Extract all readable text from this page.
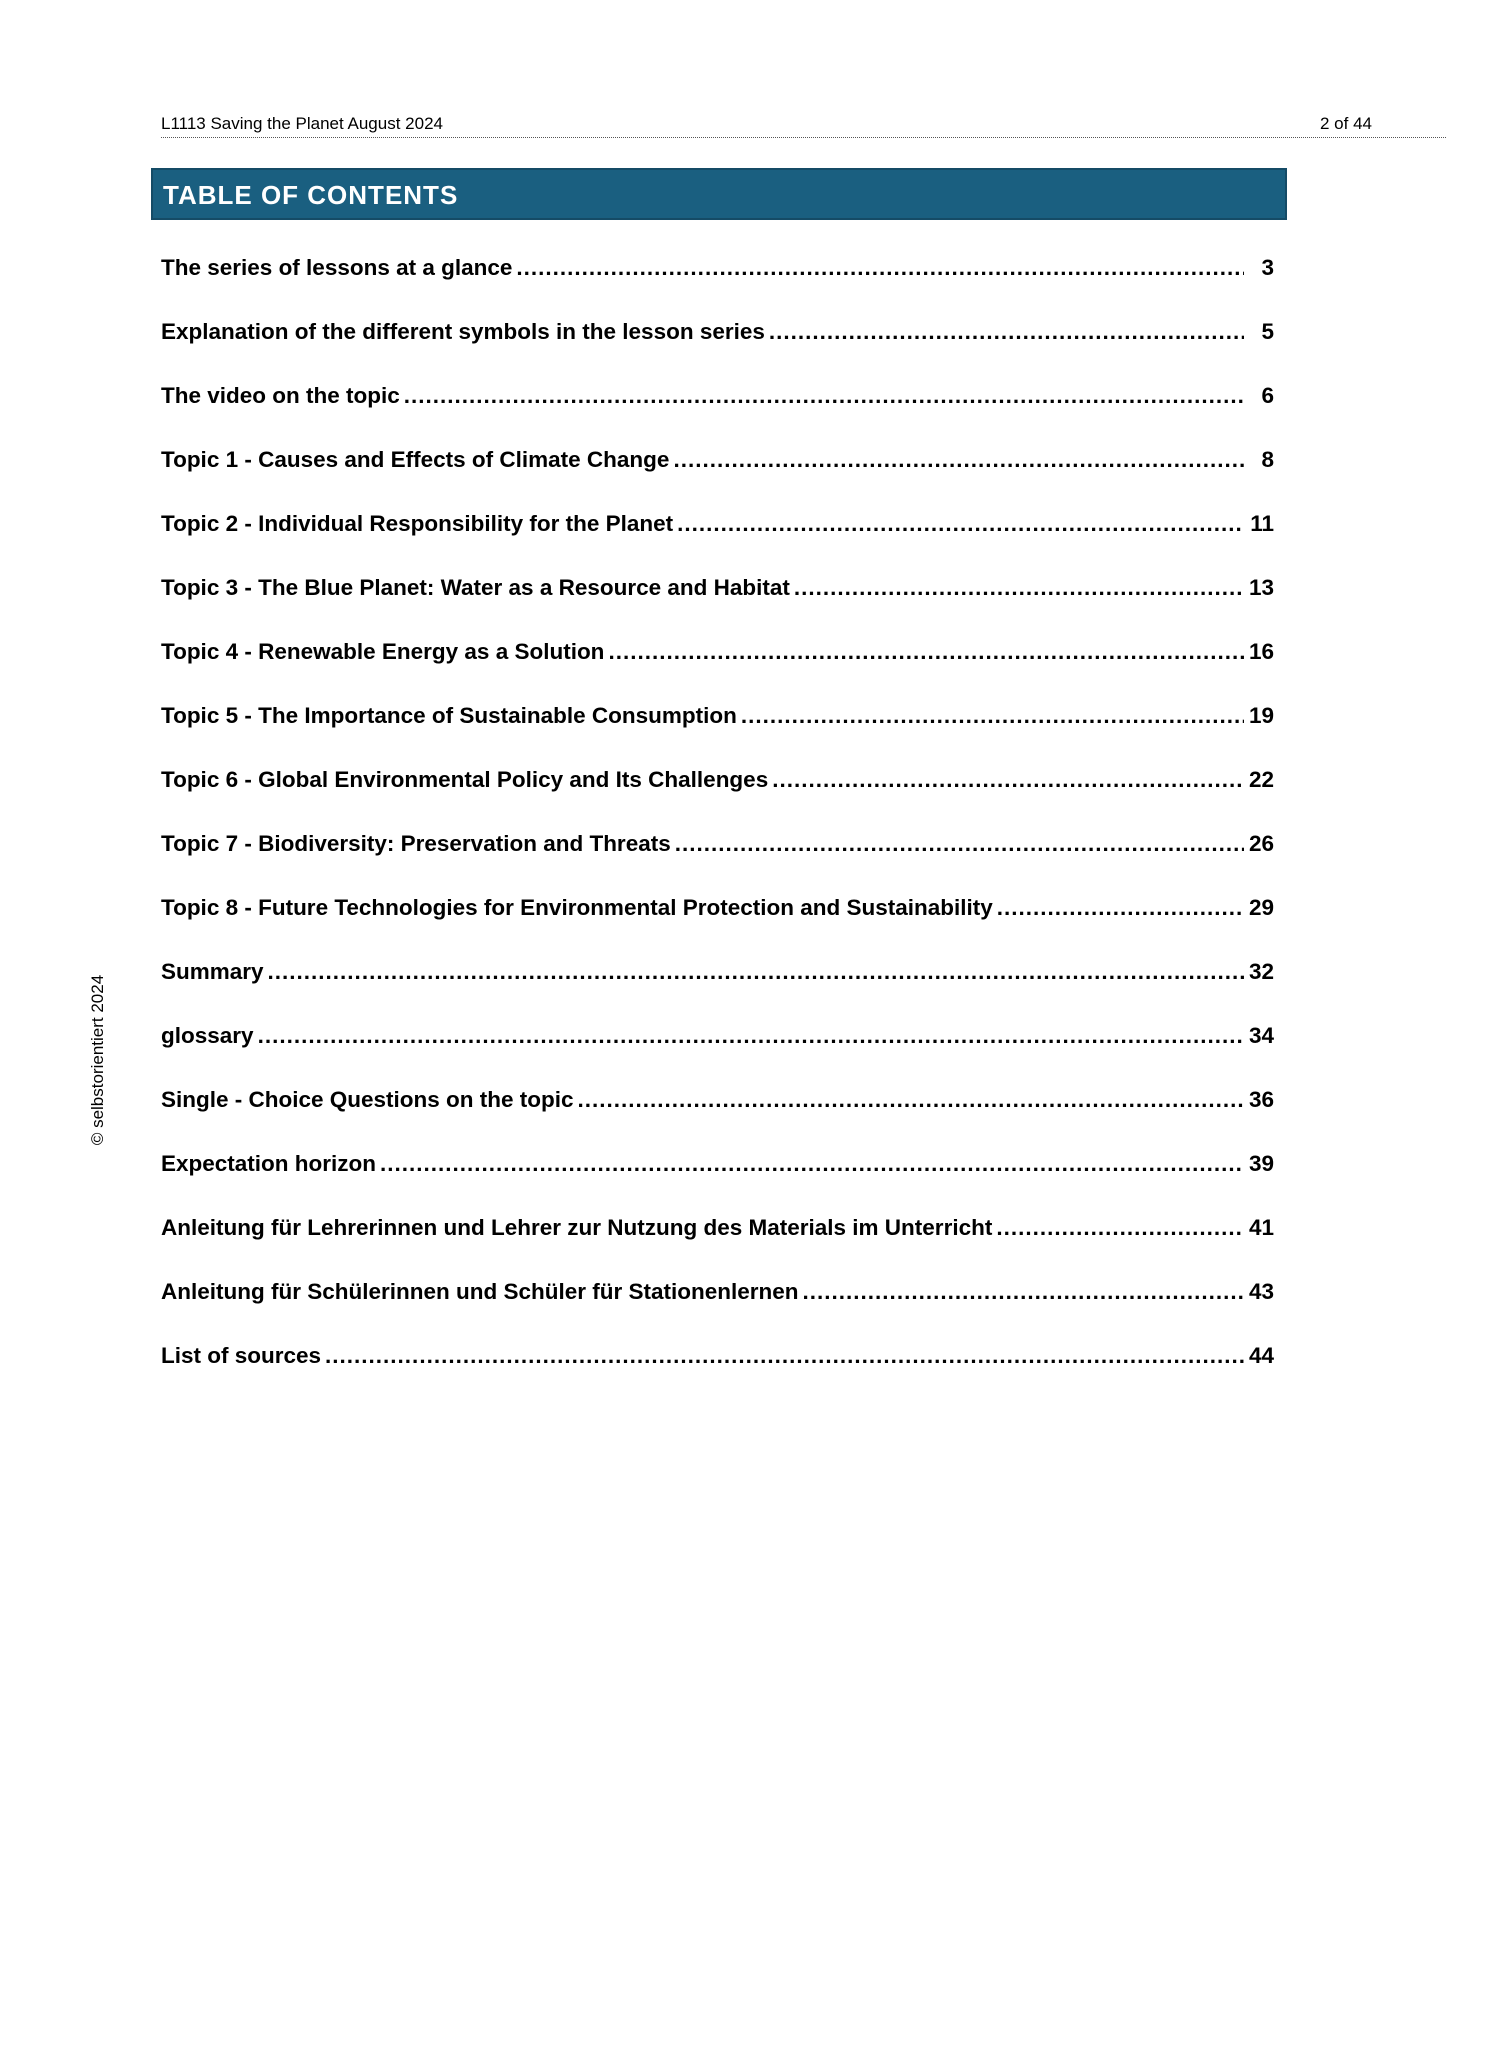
L1113 Saving the Planet August 2024	2 of 44
TABLE OF CONTENTS
The series of lessons at a glance .....	3
Explanation of the different symbols in the lesson series .....	5
The video on the topic .....	6
Topic 1 - Causes and Effects of Climate Change .....	8
Topic 2 - Individual Responsibility for the Planet .....	11
Topic 3 - The Blue Planet: Water as a Resource and Habitat .....	13
Topic 4 - Renewable Energy as a Solution .....	16
Topic 5 - The Importance of Sustainable Consumption .....	19
Topic 6 - Global Environmental Policy and Its Challenges .....	22
Topic 7 - Biodiversity: Preservation and Threats .....	26
Topic 8 - Future Technologies for Environmental Protection and Sustainability .....	29
Summary .....	32
glossary .....	34
Single - Choice Questions on the topic .....	36
Expectation horizon .....	39
Anleitung für Lehrerinnen und Lehrer zur Nutzung des Materials im Unterricht .....	41
Anleitung für Schülerinnen und Schüler für Stationenlernen .....	43
List of sources .....	44
© selbstorientiert 2024
